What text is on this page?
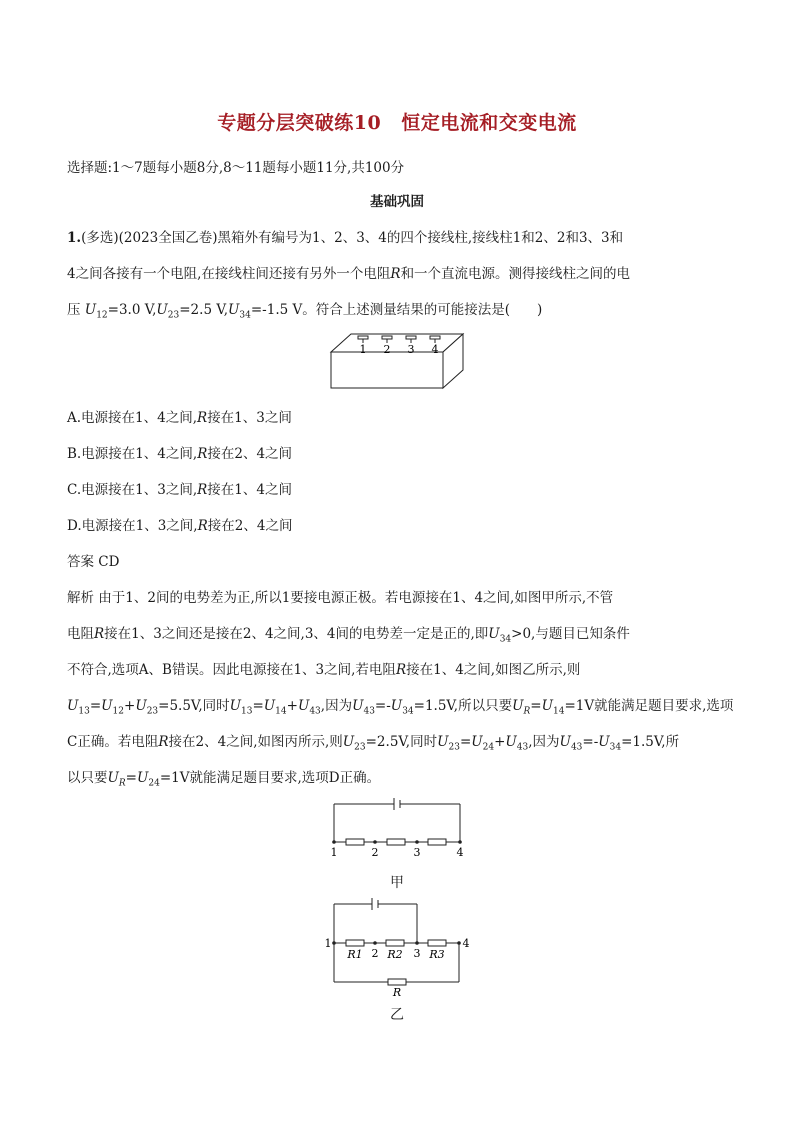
专题分层突破练10 恒定电流和交变电流
选择题:1～7题每小题8分,8～11题每小题11分,共100分
基础巩固
1.(多选)(2023全国乙卷)黑箱外有编号为1、2、3、4的四个接线柱,接线柱1和2、2和3、3和
4之间各接有一个电阻,在接线柱间还接有另外一个电阻R和一个直流电源。测得接线柱之间的电
压 $U_{12}=3.0$ $V,U_{23}=2.5$ $V,U_{34}=-1.5$ V。符合上述测量结果的可能接法是(　　)
1 2 3 4
A.电源接在1、4之间,R接在1、3之间
B.电源接在1、4之间,R接在2、4之间
C.电源接在1、3之间,R接在1、4之间
D.电源接在1、3之间,R接在2、4之间
答案 CD
解析 由于1、2间的电势差为正,所以1要接电源正极。若电源接在1、4之间,如图甲所示,不管
电阻R接在1、3之间还是接在2、4之间,3、4间的电势差一定是正的,即$U_{34}>0$,与题目已知条件
不符合,选项A、B错误。因此电源接在1、3之间,若电阻R接在1、4之间,如图乙所示,则
$U_{13}=U_{12}+U_{23}=5.5V$,同时$U_{13}=U_{14}+U_{43}$,因为$U_{43}=-U_{34}=1.5V$,所以只要$U_R=U_{14}=1V$就能满足题目要求,选项
C正确。若电阻R接在2、4之间,如图丙所示,则$U_{23}=2.5V$,同时$U_{23}=U_{24}+U_{43}$,因为$U_{43}=-U_{34}=1.5V$,所
以只要$U_R=U_{24}=1V$就能满足题目要求,选项D正确。
1	2	3	4
甲
1
2	3
4
R1 R2 R3
R
乙
